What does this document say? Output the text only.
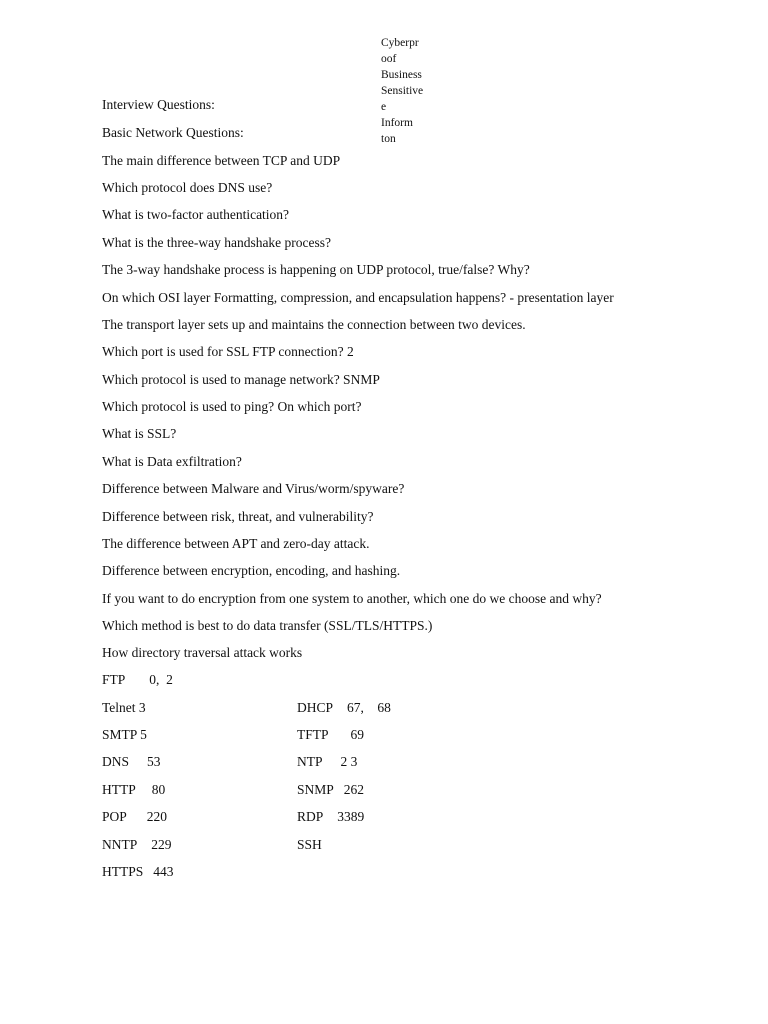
Cyberpr
oof
Business
Sensitive
e
Inform
ton
Interview Questions:
Basic Network Questions:
The main difference between TCP and UDP
Which protocol does DNS use?
What is two-factor authentication?
What is the three-way handshake process?
The 3-way handshake process is happening on UDP protocol, true/false? Why?
On which OSI layer Formatting, compression, and encapsulation happens? - presentation layer
The transport layer sets up and maintains the connection between two devices.
Which port is used for SSL FTP connection? 2
Which protocol is used to manage network? SNMP
Which protocol is used to ping? On which port?
What is SSL?
What is Data exfiltration?
Difference between Malware and Virus/worm/spyware?
Difference between risk, threat, and vulnerability?
The difference between APT and zero-day attack.
Difference between encryption, encoding, and hashing.
If you want to do encryption from one system to another, which one do we choose and why?
Which method is best to do data transfer (SSL/TLS/HTTPS.)
How directory traversal attack works
FTP 0,  2
Telnet 3	DHCP 67,    68
SMTP 5	TFTP 69
DNS 53	NTP 2 3
HTTP 80	SNMP 262
POP 220	RDP 3389
NNTP 229	SSH
HTTPS 443
